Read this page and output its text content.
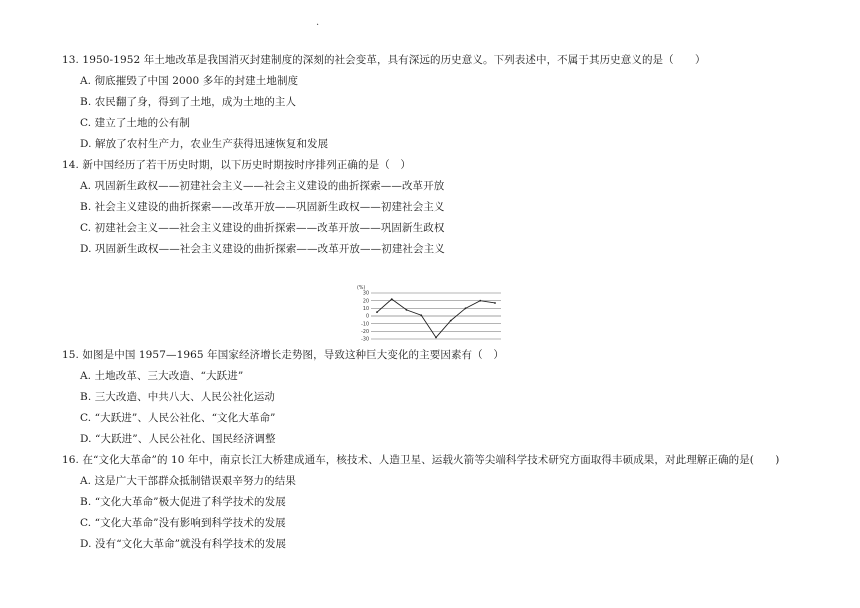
·
13. 1950-1952 年土地改革是我国消灭封建制度的深刻的社会变革，具有深远的历史意义。下列表述中，不属于其历史意义的是（　　）
A. 彻底摧毁了中国 2000 多年的封建土地制度
B. 农民翻了身，得到了土地，成为土地的主人
C. 建立了土地的公有制
D. 解放了农村生产力，农业生产获得迅速恢复和发展
14. 新中国经历了若干历史时期，以下历史时期按时序排列正确的是（　）
A. 巩固新生政权——初建社会主义——社会主义建设的曲折探索——改革开放
B. 社会主义建设的曲折探索——改革开放——巩固新生政权——初建社会主义
C. 初建社会主义——社会主义建设的曲折探索——改革开放——巩固新生政权
D. 巩固新生政权——社会主义建设的曲折探索——改革开放——初建社会主义
30
20
10
0
-10
-20
-30
(%)
15. 如图是中国 1957—1965 年国家经济增长走势图，导致这种巨大变化的主要因素有（　）
A. 土地改革、三大改造、“大跃进”
B. 三大改造、中共八大、人民公社化运动
C. “大跃进”、人民公社化、“文化大革命”
D. “大跃进”、人民公社化、国民经济调整
16. 在“文化大革命”的 10 年中，南京长江大桥建成通车，核技术、人造卫星、运载火箭等尖端科学技术研究方面取得丰硕成果，对此理解正确的是(　　)
A. 这是广大干部群众抵制错误艰辛努力的结果
B. “文化大革命”极大促进了科学技术的发展
C. “文化大革命”没有影响到科学技术的发展
D. 没有“文化大革命”就没有科学技术的发展
